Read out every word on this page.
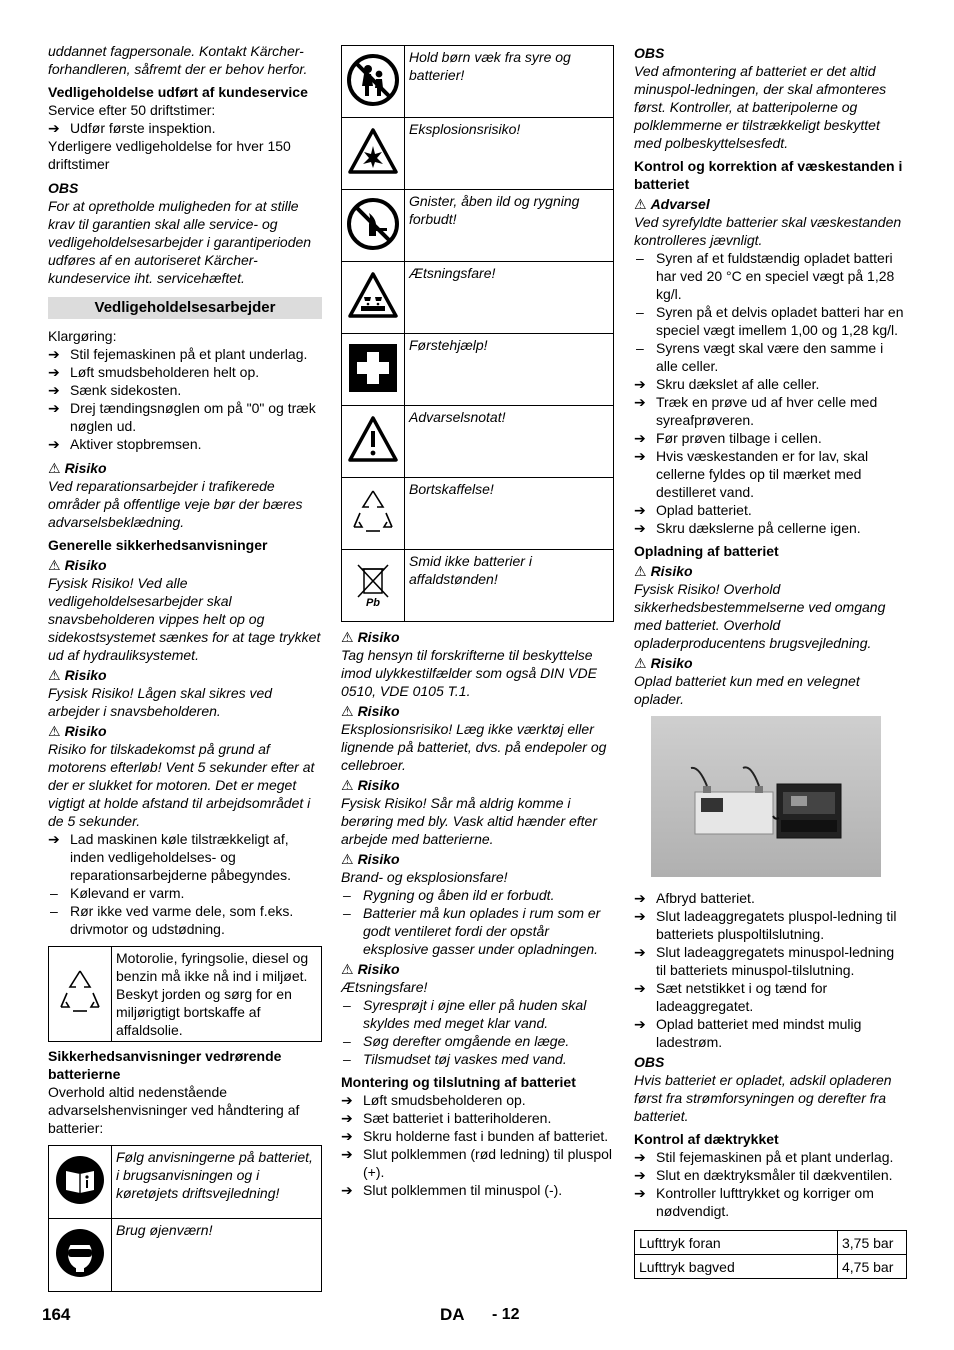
uddannet fagpersonale. Kontakt Kärcher-forhandleren, såfremt der er behov herfor.

Vedligeholdelse udført af kundeservice

Service efter 50 driftstimer:

➔ Udfør første inspektion.

Yderligere vedligeholdelse for hver 150 driftstimer

OBS

For at opretholde muligheden for at stille krav til garantien skal alle service- og vedligeholdelsesarbejder i garantiperioden udføres af en autoriseret Kärcher-kundeservice iht. servicehæftet.

Vedligeholdelsesarbejder

Klargøring:

➔ Stil fejemaskinen på et plant underlag.
➔ Løft smudsbeholderen helt op.
➔ Sænk sidekosten.
➔ Drej tændingsnøglen om på "0" og træk nøglen ud.
➔ Aktiver stopbremsen.

⚠ Risiko

Ved reparationsarbejder i trafikerede områder på offentlige veje bør der bæres advarselsbeklædning.

Generelle sikkerhedsanvisninger

⚠ Risiko

Fysisk Risiko! Ved alle vedligeholdelsesarbejder skal snavsbeholderen vippes helt op og sidekostsystemet sænkes for at tage trykket ud af hydrauliksystemet.

⚠ Risiko

Fysisk Risiko! Lågen skal sikres ved arbejder i snavsbeholderen.

⚠ Risiko

Risiko for tilskadekomst på grund af motorens efterløb! Vent 5 sekunder efter at der er slukket for motoren. Det er meget vigtigt at holde afstand til arbejdsområdet i de 5 sekunder.

➔ Lad maskinen køle tilstrækkeligt af, inden vedligeholdelses- og reparationsarbejderne påbegyndes.
– Kølevand er varm.
– Rør ikke ved varme dele, som f.eks. drivmotor og udstødning.
	Motorolie, fyringsolie, diesel og benzin må ikke nå ind i miljøet. Beskyt jorden og sørg for en miljørigtigt bortskaffe af affaldsolie.

Sikkerhedsanvisninger vedrørende batterierne

Overhold altid nedenstående advarselshenvisninger ved håndtering af batterier:

	Følg anvisningerne på batteriet, i brugsanvisningen og i køretøjets driftsvejledning!
	Brug øjenværn!
	Hold børn væk fra syre og batterier!
	Eksplosionsrisiko!
	Gnister, åben ild og rygning forbudt!
	Ætsningsfare!
	Førstehjælp!
	Advarselsnotat!
	Bortskaffelse!

Pb	Smid ikke batterier i affaldstønden!

⚠ Risiko

Tag hensyn til forskrifterne til beskyttelse imod ulykkestilfælder som også DIN VDE 0510, VDE 0105 T.1.

⚠ Risiko

Eksplosionsrisiko! Læg ikke værktøj eller lignende på batteriet, dvs. på endepoler og cellebroer.

⚠ Risiko

Fysisk Risiko! Sår må aldrig komme i berøring med bly. Vask altid hænder efter arbejde med batterierne.

⚠ Risiko

Brand- og eksplosionsfare!

– Rygning og åben ild er forbudt.
– Batterier må kun oplades i rum som er godt ventileret fordi der opstår eksplosive gasser under opladningen.

⚠ Risiko

Ætsningsfare!

– Syresprøjt i øjne eller på huden skal skyldes med meget klar vand.
– Søg derefter omgående en læge.
– Tilsmudset tøj vaskes med vand.

Montering og tilslutning af batteriet

➔ Løft smudsbeholderen op.
➔ Sæt batteriet i batteriholderen.
➔ Skru holderne fast i bunden af batteriet.
➔ Slut polklemmen (rød ledning) til pluspol (+).
➔ Slut polklemmen til minuspol (-).

OBS

Ved afmontering af batteriet er det altid minuspol-ledningen, der skal afmonteres først. Kontroller, at batteripolerne og polklemmerne er tilstrækkeligt beskyttet med polbeskyttelsesfedt.

Kontrol og korrektion af væskestanden i batteriet

⚠ Advarsel

Ved syrefyldte batterier skal væskestanden kontrolleres jævnligt.

– Syren af et fuldstændig opladet batteri har ved 20 °C en speciel vægt på 1,28 kg/l.
– Syren på et delvis opladet batteri har en speciel vægt imellem 1,00 og 1,28 kg/l.
– Syrens vægt skal være den samme i alle celler.
➔ Skru dækslet af alle celler.
➔ Træk en prøve ud af hver celle med syreafprøveren.
➔ Før prøven tilbage i cellen.
➔ Hvis væskestanden er for lav, skal cellerne fyldes op til mærket med destilleret vand.
➔ Oplad batteriet.
➔ Skru dækslerne på cellerne igen.

Opladning af batteriet

⚠ Risiko

Fysisk Risiko! Overhold sikkerhedsbestemmelserne ved omgang med batteriet. Overhold opladerproducentens brugsvejledning.

⚠ Risiko

Oplad batteriet kun med en velegnet oplader.

➔ Afbryd batteriet.
➔ Slut ladeaggregatets pluspol-ledning til batteriets pluspoltilslutning.
➔ Slut ladeaggregatets minuspol-ledning til batteriets minuspol-tilslutning.
➔ Sæt netstikket i og tænd for ladeaggregatet.
➔ Oplad batteriet med mindst mulig ladestrøm.

OBS

Hvis batteriet er opladet, adskil opladeren først fra strømforsyningen og derefter fra batteriet.

Kontrol af dæktrykket

➔ Stil fejemaskinen på et plant underlag.
➔ Slut en dæktryksmåler til dækventilen.
➔ Kontroller lufttrykket og korriger om nødvendigt.
Lufttryk foran	3,75 bar
Lufttryk bagved	4,75 bar
164	DA - 12
